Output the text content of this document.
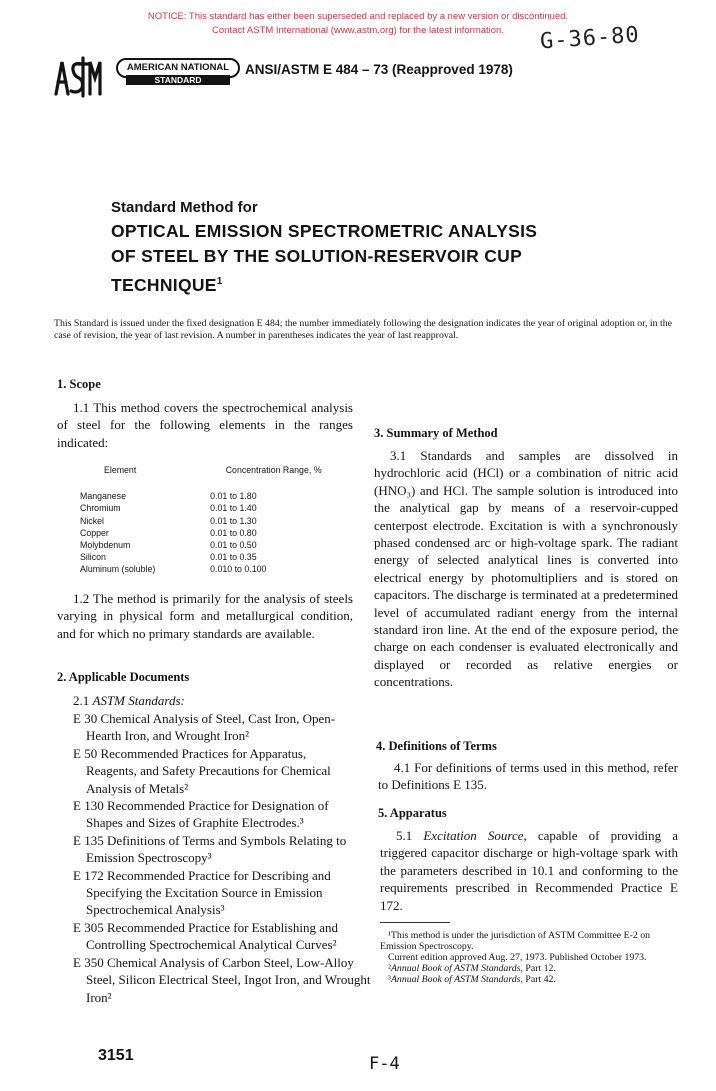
NOTICE: This standard has either been superseded and replaced by a new version or discontinued.
Contact ASTM International (www.astm.org) for the latest information.	G-36-80
AMERICAN NATIONAL
STANDARD
ANSI/ASTM E 484 – 73 (Reapproved 1978)
Standard Method for
OPTICAL EMISSION SPECTROMETRIC ANALYSIS
OF STEEL BY THE SOLUTION-RESERVOIR CUP
TECHNIQUE$^1$
This Standard is issued under the fixed designation E 484; the number immediately following the designation indicates the year of original adoption or, in the case of revision, the year of last revision. A number in parentheses indicates the year of last reapproval.
1. Scope

1.1 This method covers the spectrochemical analysis of steel for the following elements in the ranges indicated:

Element	Concentration Range, %
Manganese	0.01 to 1.80
Chromium	0.01 to 1.40
Nickel	0.01 to 1.30
Copper	0.01 to 0.80
Molybdenum	0.01 to 0.50
Silicon	0.01 to 0.35
Aluminum (soluble)	0.010 to 0.100

1.2 The method is primarily for the analysis of steels varying in physical form and metallurgical condition, and for which no primary standards are available.

2. Applicable Documents
2.1 ASTM Standards:
E 30 Chemical Analysis of Steel, Cast Iron, Open-Hearth Iron, and Wrought Iron²
E 50 Recommended Practices for Apparatus, Reagents, and Safety Precautions for Chemical Analysis of Metals²
E 130 Recommended Practice for Designation of Shapes and Sizes of Graphite Electrodes.³
E 135 Definitions of Terms and Symbols Relating to Emission Spectroscopy³
E 172 Recommended Practice for Describing and Specifying the Excitation Source in Emission Spectrochemical Analysis³
E 305 Recommended Practice for Establishing and Controlling Spectrochemical Analytical Curves²
E 350 Chemical Analysis of Carbon Steel, Low-Alloy Steel, Silicon Electrical Steel, Ingot Iron, and Wrought Iron²
3. Summary of Method

3.1 Standards and samples are dissolved in hydrochloric acid (HCl) or a combination of nitric acid (HNO₃) and HCl. The sample solution is introduced into the analytical gap by means of a reservoir-cupped centerpost electrode. Excitation is with a synchronously phased condensed arc or high-voltage spark. The radiant energy of selected analytical lines is converted into electrical energy by photomultipliers and is stored on capacitors. The discharge is terminated at a predetermined level of accumulated radiant energy from the internal standard iron line. At the end of the exposure period, the charge on each condenser is evaluated electronically and displayed or recorded as relative energies or concentrations.

4. Definitions of Terms

4.1 For definitions of terms used in this method, refer to Definitions E 135.

5. Apparatus

5.1 Excitation Source, capable of providing a triggered capacitor discharge or high-voltage spark with the parameters described in 10.1 and conforming to the requirements prescribed in Recommended Practice E 172.

¹This method is under the jurisdiction of ASTM Committee E-2 on Emission Spectroscopy.
Current edition approved Aug. 27, 1973. Published October 1973.
²Annual Book of ASTM Standards, Part 12.
³Annual Book of ASTM Standards, Part 42.
3151	F-4
